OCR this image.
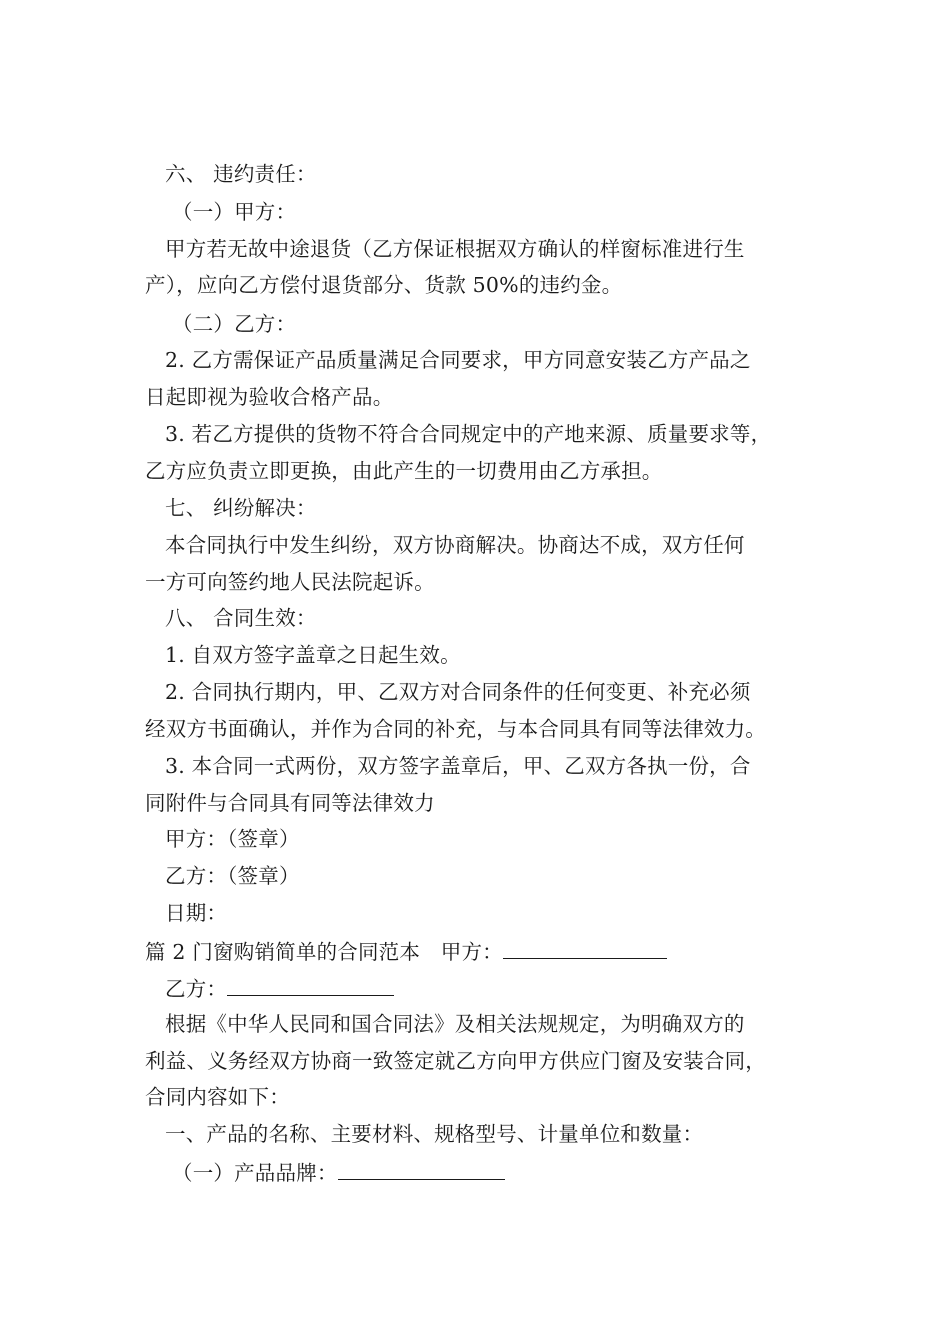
六、 违约责任：
（一）甲方：
甲方若无故中途退货（乙方保证根据双方确认的样窗标准进行生
产），应向乙方偿付退货部分、货款 50%的违约金。
（二）乙方：
2. 乙方需保证产品质量满足合同要求，甲方同意安装乙方产品之
日起即视为验收合格产品。
3. 若乙方提供的货物不符合合同规定中的产地来源、质量要求等，
乙方应负责立即更换，由此产生的一切费用由乙方承担。
七、 纠纷解决：
本合同执行中发生纠纷，双方协商解决。协商达不成，双方任何
一方可向签约地人民法院起诉。
八、 合同生效：
1. 自双方签字盖章之日起生效。
2. 合同执行期内，甲、乙双方对合同条件的任何变更、补充必须
经双方书面确认，并作为合同的补充，与本合同具有同等法律效力。
3. 本合同一式两份，双方签字盖章后，甲、乙双方各执一份，合
同附件与合同具有同等法律效力
甲方：（签章）
乙方：（签章）
日期：
篇 2 门窗购销简单的合同范本　甲方：
乙方：
根据《中华人民同和国合同法》及相关法规规定，为明确双方的
利益、义务经双方协商一致签定就乙方向甲方供应门窗及安装合同，
合同内容如下：
一、产品的名称、主要材料、规格型号、计量单位和数量：
（一）产品品牌：
